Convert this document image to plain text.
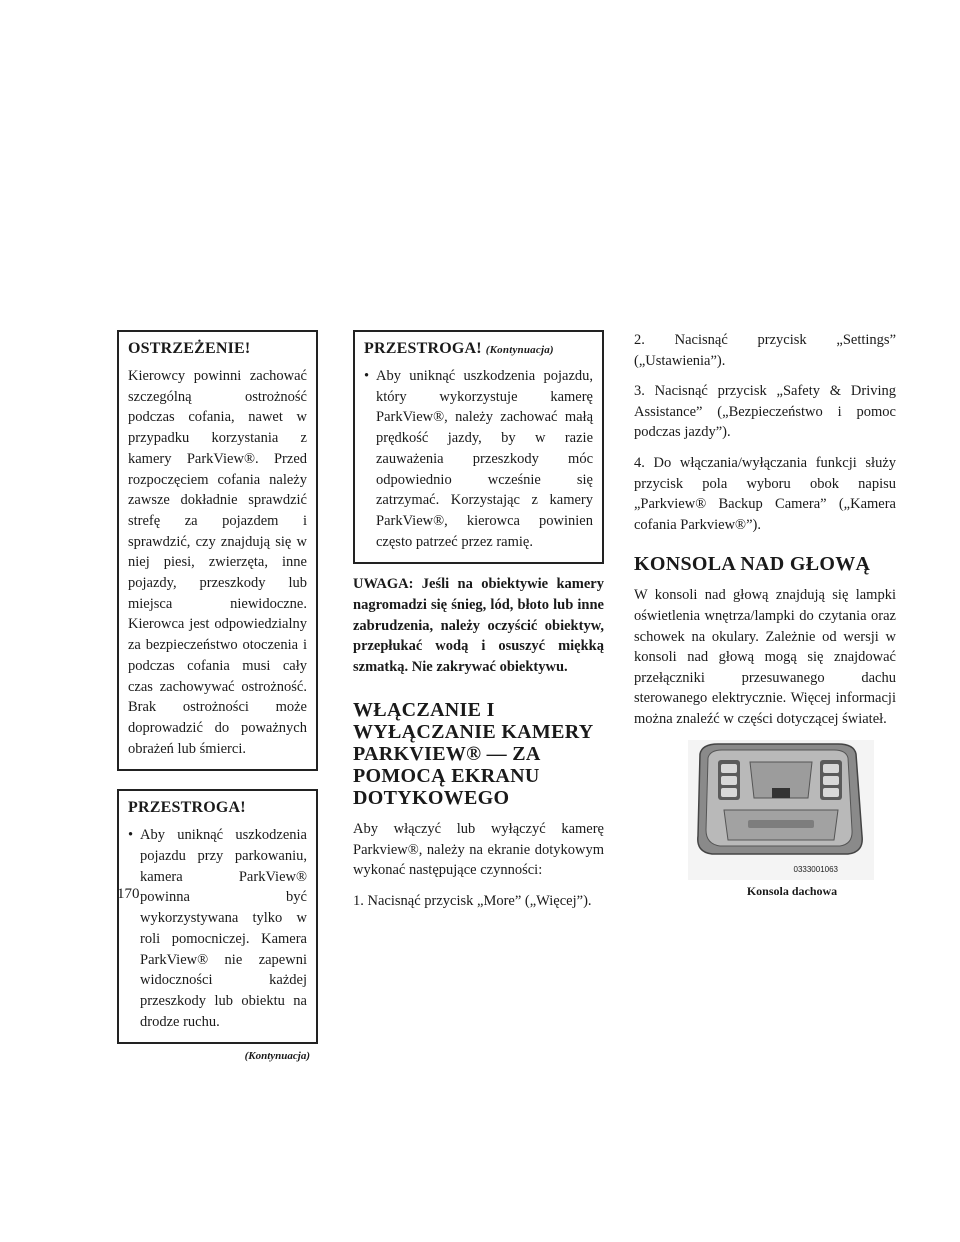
OSTRZEŻENIE!

Kierowcy powinni zachować szczególną ostrożność podczas cofania, nawet w przypadku korzystania z kamery ParkView®. Przed rozpoczęciem cofania należy zawsze dokładnie sprawdzić strefę za pojazdem i sprawdzić, czy znajdują się w niej piesi, zwierzęta, inne pojazdy, przeszkody lub miejsca niewidoczne. Kierowca jest odpowiedzialny za bezpieczeństwo otoczenia i podczas cofania musi cały czas zachowywać ostrożność. Brak ostrożności może doprowadzić do poważnych obrażeń lub śmierci.

PRZESTROGA!
• Aby uniknąć uszkodzenia pojazdu przy parkowaniu, kamera ParkView® powinna być wykorzystywana tylko w roli pomocniczej. Kamera ParkView® nie zapewni widoczności każdej przeszkody lub obiektu na drodze ruchu.
(Kontynuacja)
PRZESTROGA! (Kontynuacja)
• Aby uniknąć uszkodzenia pojazdu, który wykorzystuje kamerę ParkView®, należy zachować małą prędkość jazdy, by w razie zauważenia przeszkody móc odpowiednio wcześnie się zatrzymać. Korzystając z kamery ParkView®, kierowca powinien często patrzeć przez ramię.

UWAGA: Jeśli na obiektywie kamery nagromadzi się śnieg, lód, błoto lub inne zabrudzenia, należy oczyścić obiektyw, przepłukać wodą i osuszyć miękką szmatką. Nie zakrywać obiektywu.

WŁĄCZANIE I WYŁĄCZANIE KAMERY PARKVIEW® — ZA POMOCĄ EKRANU DOTYKOWEGO

Aby włączyć lub wyłączyć kamerę Parkview®, należy na ekranie dotykowym wykonać następujące czynności:

1. Nacisnąć przycisk „More” („Więcej”).

2. Nacisnąć przycisk „Settings” („Ustawienia”).

3. Nacisnąć przycisk „Safety & Driving Assistance” („Bezpieczeństwo i pomoc podczas jazdy”).

4. Do włączania/wyłączania funkcji służy przycisk pola wyboru obok napisu „Parkview® Backup Camera” („Kamera cofania Parkview®”).

KONSOLA NAD GŁOWĄ

W konsoli nad głową znajdują się lampki oświetlenia wnętrza/lampki do czytania oraz schowek na okulary. Zależnie od wersji w konsoli nad głową mogą się znajdować przełączniki przesuwanego dachu sterowanego elektrycznie. Więcej informacji można znaleźć w części dotyczącej świateł.

0333001063
Konsola dachowa
170
